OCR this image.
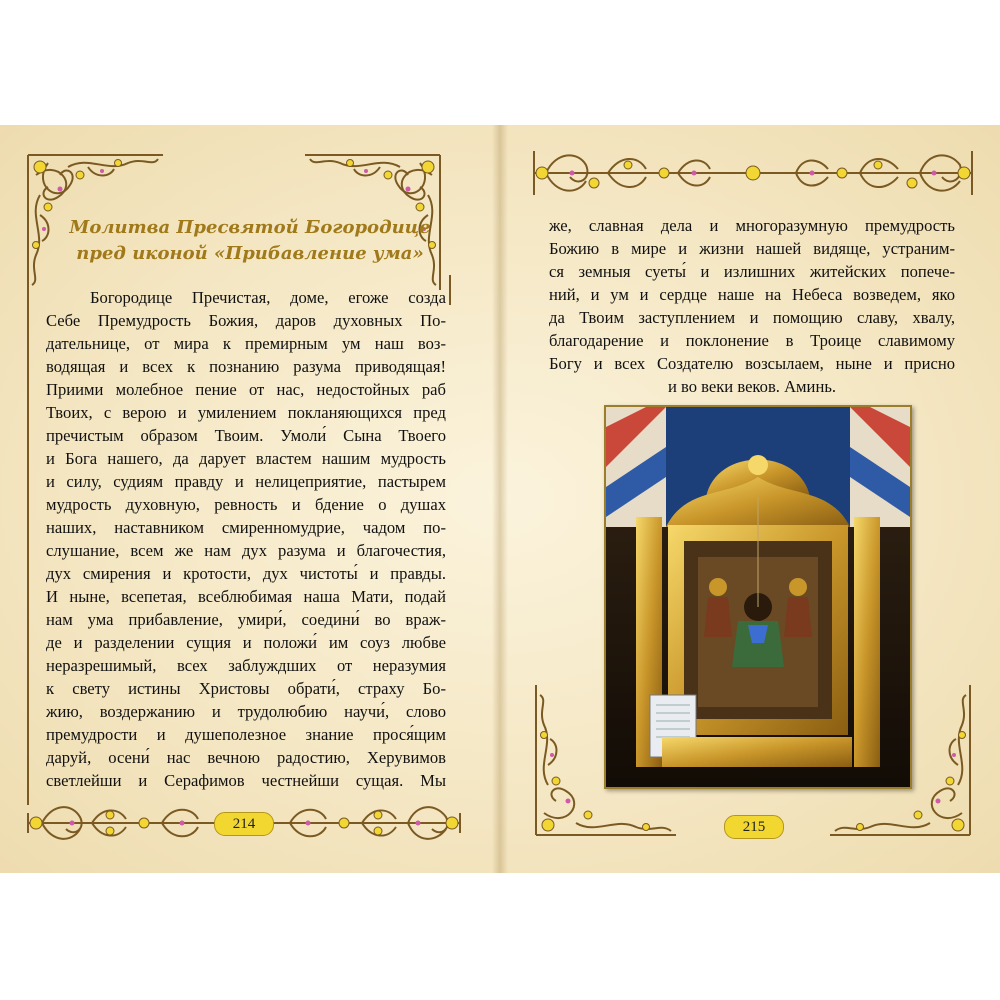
Молитва Пресвятой Богородице
пред иконой «Прибавление ума»
Богородице Пречистая, доме, егоже созда
Себе Премудрость Божия, даров духовных По-
дательнице, от мира к премирным ум наш воз-
водящая и всех к познанию разума приводящая!
Приими молебное пение от нас, недостойных раб
Твоих, с верою и умилением покланяющихся пред
пречистым образом Твоим. Умоли́ Сына Твоего
и Бога нашего, да дарует властем нашим мудрость
и силу, судиям правду и нелицеприятие, пастырем
мудрость духовную, ревность и бдение о душах
наших, наставником смиренномудрие, чадом по-
слушание, всем же нам дух разума и благочестия,
дух смирения и кротости, дух чистоты́ и правды.
И ныне, всепетая, всеблюбимая наша Мати, подай
нам ума прибавление, умири́, соедини́ во враж-
де и разделении сущия и положи́ им соуз любве
неразрешимый, всех заблуждших от неразумия
к свету истины Христовы обрати́, страху Бо-
жию, воздержанию и трудолюбию научи́, слово
премудрости и душеполезное знание прося́щим
даруй, осени́ нас вечною радостию, Херувимов
светлейши и Серафимов честнейши сущая. Мы
же, славная дела и многоразумную премудрость
Божию в мире и жизни нашей видяще, устраним-
ся земныя суеты́ и излишних житейских попече-
ний, и ум и сердце наше на Небеса возведем, яко
да Твоим заступлением и помощию славу, хвалу,
благодарение и поклонение в Троице славимому
Богу и всех Создателю возсылаем, ныне и присно
и во веки веков. Аминь.
214	215
